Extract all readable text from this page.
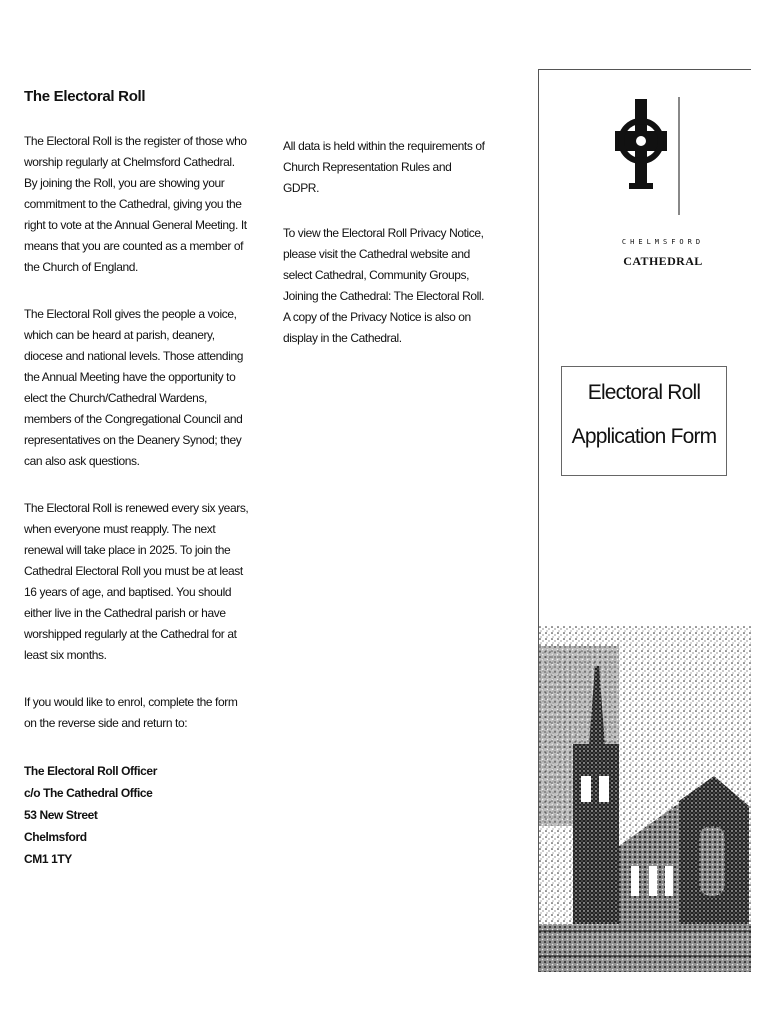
The Electoral Roll

The Electoral Roll is the register of those who worship regularly at Chelmsford Cathedral. By joining the Roll, you are showing your commitment to the Cathedral, giving you the right to vote at the Annual General Meeting. It means that you are counted as a member of the Church of England.

The Electoral Roll gives the people a voice, which can be heard at parish, deanery, diocese and national levels. Those attending the Annual Meeting have the opportunity to elect the Church/Cathedral Wardens, members of the Congregational Council and representatives on the Deanery Synod; they can also ask questions.

The Electoral Roll is renewed every six years, when everyone must reapply. The next renewal will take place in 2025. To join the Cathedral Electoral Roll you must be at least 16 years of age, and baptised. You should either live in the Cathedral parish or have worshipped regularly at the Cathedral for at least six months.

If you would like to enrol, complete the form on the reverse side and return to:

The Electoral Roll Officer
c/o The Cathedral Office
53 New Street
Chelmsford
CM1 1TY

All data is held within the requirements of Church Representation Rules and GDPR.

To view the Electoral Roll Privacy Notice, please visit the Cathedral website and select Cathedral, Community Groups, Joining the Cathedral: The Electoral Roll. A copy of the Privacy Notice is also on display in the Cathedral.

CHELMSFORD
CATHEDRAL
Electoral Roll
Application Form
